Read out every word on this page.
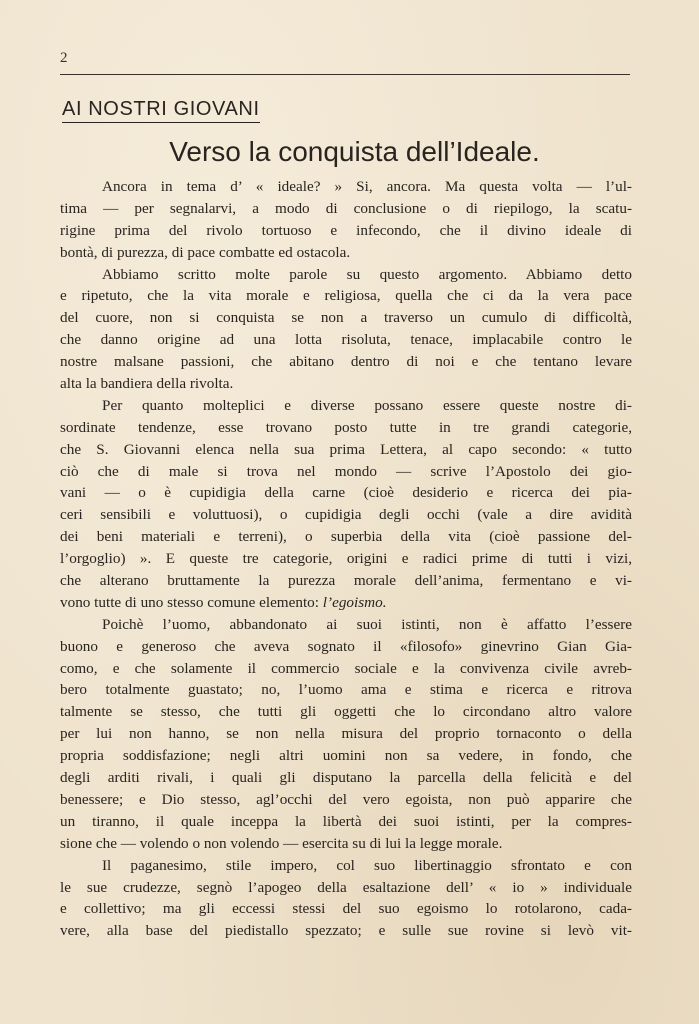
2
AI NOSTRI GIOVANI
Verso la conquista dell’Ideale.
Ancora in tema d’ « ideale? » Si, ancora. Ma questa volta — l’ul-
tima — per segnalarvi, a modo di conclusione o di riepilogo, la scatu-
rigine prima del rivolo tortuoso e infecondo, che il divino ideale di
bontà, di purezza, di pace combatte ed ostacola.
Abbiamo scritto molte parole su questo argomento. Abbiamo detto
e ripetuto, che la vita morale e religiosa, quella che ci da la vera pace
del cuore, non si conquista se non a traverso un cumulo di difficoltà,
che danno origine ad una lotta risoluta, tenace, implacabile contro le
nostre malsane passioni, che abitano dentro di noi e che tentano levare
alta la bandiera della rivolta.
Per quanto molteplici e diverse possano essere queste nostre di-
sordinate tendenze, esse trovano posto tutte in tre grandi categorie,
che S. Giovanni elenca nella sua prima Lettera, al capo secondo: « tutto
ciò che di male si trova nel mondo — scrive l’Apostolo dei gio-
vani — o è cupidigia della carne (cioè desiderio e ricerca dei pia-
ceri sensibili e voluttuosi), o cupidigia degli occhi (vale a dire avidità
dei beni materiali e terreni), o superbia della vita (cioè passione del-
l’orgoglio) ». E queste tre categorie, origini e radici prime di tutti i vizi,
che alterano bruttamente la purezza morale dell’anima, fermentano e vi-
vono tutte di uno stesso comune elemento: l’egoismo.
Poichè l’uomo, abbandonato ai suoi istinti, non è affatto l’essere
buono e generoso che aveva sognato il «filosofo» ginevrino Gian Gia-
como, e che solamente il commercio sociale e la convivenza civile avreb-
bero totalmente guastato; no, l’uomo ama e stima e ricerca e ritrova
talmente se stesso, che tutti gli oggetti che lo circondano altro valore
per lui non hanno, se non nella misura del proprio tornaconto o della
propria soddisfazione; negli altri uomini non sa vedere, in fondo, che
degli arditi rivali, i quali gli disputano la parcella della felicità e del
benessere; e Dio stesso, agl’occhi del vero egoista, non può apparire che
un tiranno, il quale inceppa la libertà dei suoi istinti, per la compres-
sione che — volendo o non volendo — esercita su di lui la legge morale.
Il paganesimo, stile impero, col suo libertinaggio sfrontato e con
le sue crudezze, segnò l’apogeo della esaltazione dell’ « io » individuale
e collettivo; ma gli eccessi stessi del suo egoismo lo rotolarono, cada-
vere, alla base del piedistallo spezzato; e sulle sue rovine si levò vit-
